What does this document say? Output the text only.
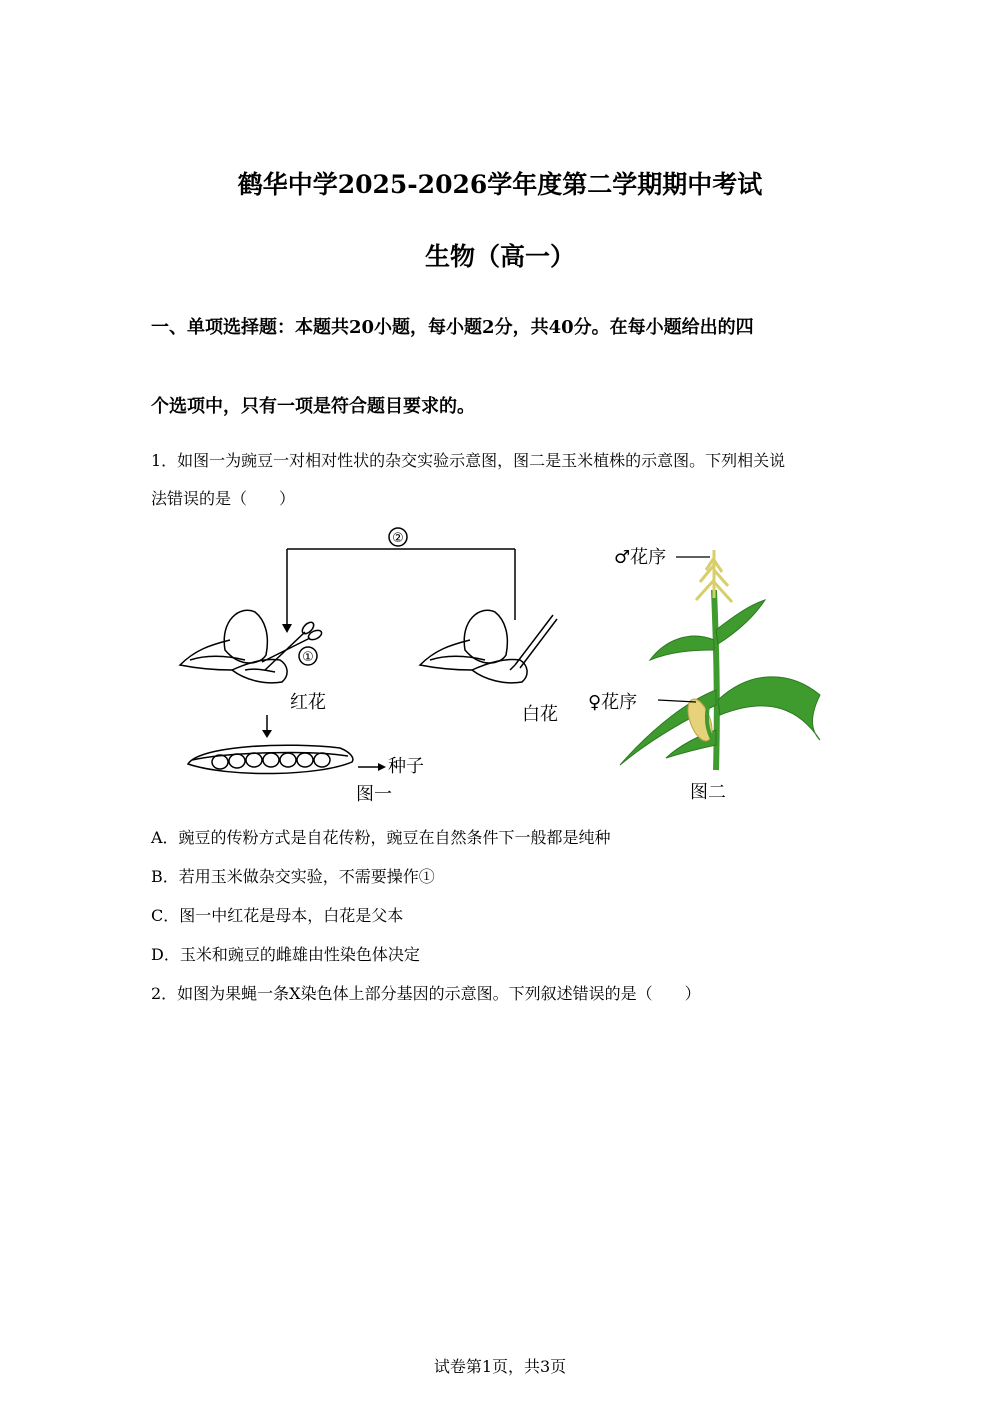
鹤华中学2025-2026学年度第二学期期中考试
生物（高一）
一、单项选择题：本题共20小题，每小题2分，共40分。在每小题给出的四
个选项中，只有一项是符合题目要求的。
1．如图一为豌豆一对相对性状的杂交实验示意图，图二是玉米植株的示意图。下列相关说
法错误的是（　　）
②
①
红花
白花
种子
图一
♂花序
♀花序
图二
A．豌豆的传粉方式是自花传粉，豌豆在自然条件下一般都是纯种
B．若用玉米做杂交实验，不需要操作①
C．图一中红花是母本，白花是父本
D．玉米和豌豆的雌雄由性染色体决定
2．如图为果蝇一条X染色体上部分基因的示意图。下列叙述错误的是（　　）
试卷第1页，共3页
